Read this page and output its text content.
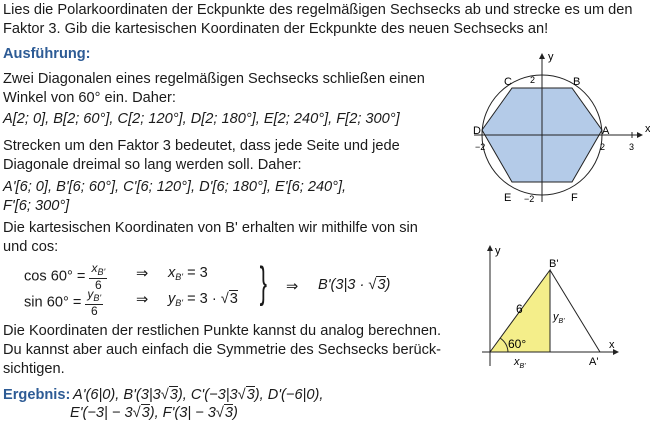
Lies die Polarkoordinaten der Eckpunkte des regelmäßigen Sechsecks ab und strecke es um den
Faktor 3. Gib die kartesischen Koordinaten der Eckpunkte des neuen Sechsecks an!
Ausführung:
Zwei Diagonalen eines regelmäßigen Sechsecks schließen einen
Winkel von 60° ein. Daher:
A[2; 0], B[2; 60°], C[2; 120°], D[2; 180°], E[2; 240°], F[2; 300°]
Strecken um den Faktor 3 bedeutet, dass jede Seite und jede
Diagonale dreimal so lang werden soll. Daher:
A'[6; 0], B'[6; 60°], C'[6; 120°], D'[6; 180°], E'[6; 240°],
F'[6; 300°]
Die kartesischen Koordinaten von B' erhalten wir mithilfe von sin
und cos:
$\cos 60^\circ = \frac{x_{B'}}{6}$ ⇒ $x_{B'} = 3$
$\sin 60^\circ = \frac{y_{B'}}{6}$ ⇒ $y_{B'} = 3 \cdot √3$ } ⇒ B'(3|3 · √3)
Die Koordinaten der restlichen Punkte kannst du analog berechnen.
Du kannst aber auch einfach die Symmetrie des Sechsecks berück-
sichtigen.
Ergebnis: A'(6|0), B'(3|3√3), C'(−3|3√3), D'(−6|0),
E'(−3| − 3√3), F'(3| − 3√3)
x
y
2
−2	2	3
−2
A
B
C
D
E	F
x
y
B'
A'
6
60°
$y_{B'}$
$x_{B'}$
